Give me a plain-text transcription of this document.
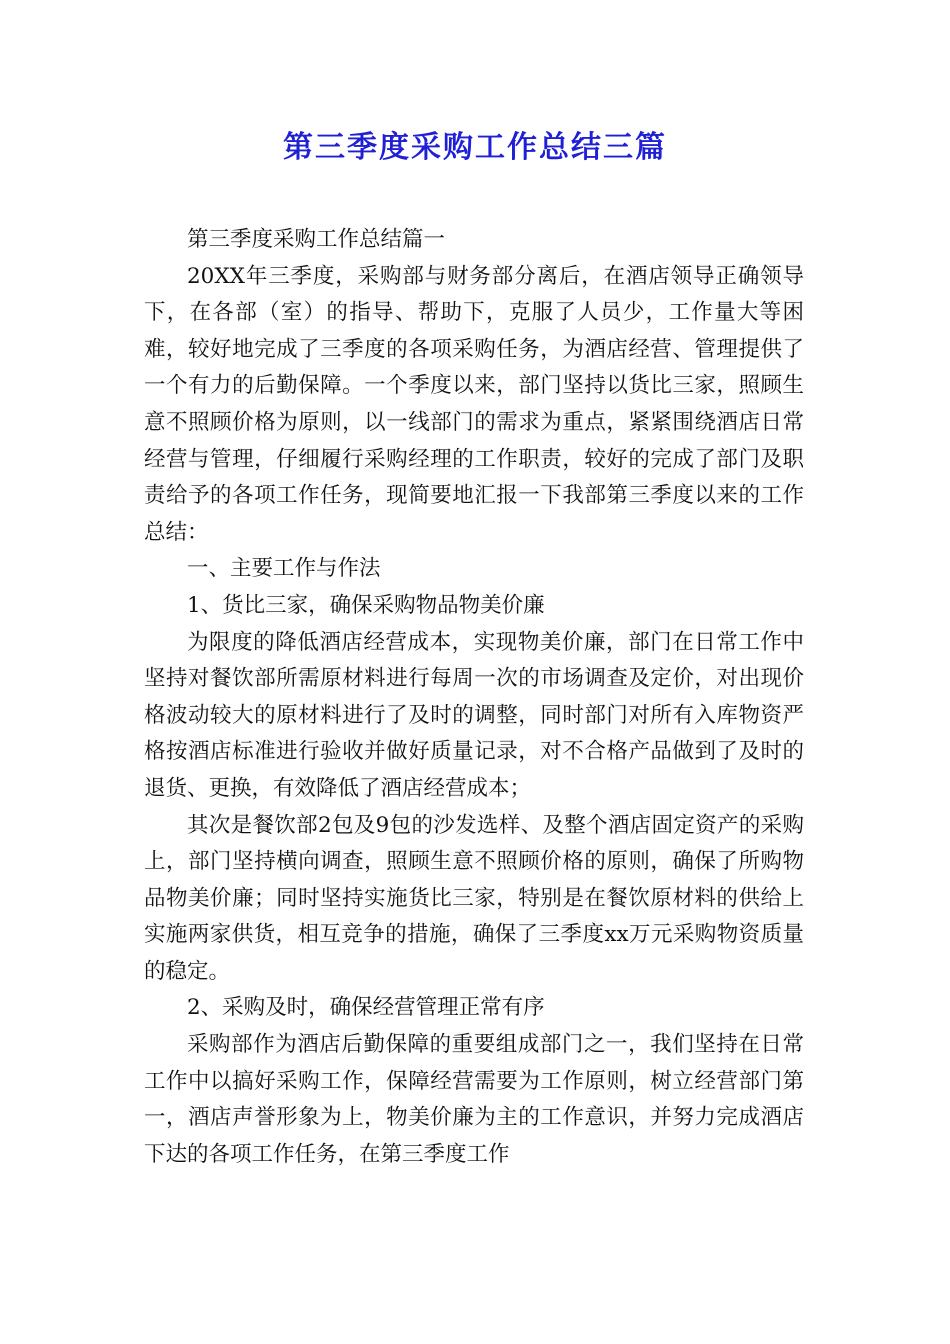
第三季度采购工作总结三篇

第三季度采购工作总结篇一

20XX年三季度，采购部与财务部分离后，在酒店领导正确领导下，在各部（室）的指导、帮助下，克服了人员少，工作量大等困难，较好地完成了三季度的各项采购任务，为酒店经营、管理提供了一个有力的后勤保障。一个季度以来，部门坚持以货比三家，照顾生意不照顾价格为原则，以一线部门的需求为重点，紧紧围绕酒店日常经营与管理，仔细履行采购经理的工作职责，较好的完成了部门及职责给予的各项工作任务，现简要地汇报一下我部第三季度以来的工作总结：

一、主要工作与作法

1、货比三家，确保采购物品物美价廉

为限度的降低酒店经营成本，实现物美价廉，部门在日常工作中坚持对餐饮部所需原材料进行每周一次的市场调查及定价，对出现价格波动较大的原材料进行了及时的调整，同时部门对所有入库物资严格按酒店标准进行验收并做好质量记录，对不合格产品做到了及时的退货、更换，有效降低了酒店经营成本；

其次是餐饮部2包及9包的沙发选样、及整个酒店固定资产的采购上，部门坚持横向调查，照顾生意不照顾价格的原则，确保了所购物品物美价廉；同时坚持实施货比三家，特别是在餐饮原材料的供给上实施两家供货，相互竞争的措施，确保了三季度xx万元采购物资质量的稳定。

2、采购及时，确保经营管理正常有序

采购部作为酒店后勤保障的重要组成部门之一，我们坚持在日常工作中以搞好采购工作，保障经营需要为工作原则，树立经营部门第一，酒店声誉形象为上，物美价廉为主的工作意识，并努力完成酒店下达的各项工作任务，在第三季度工作
